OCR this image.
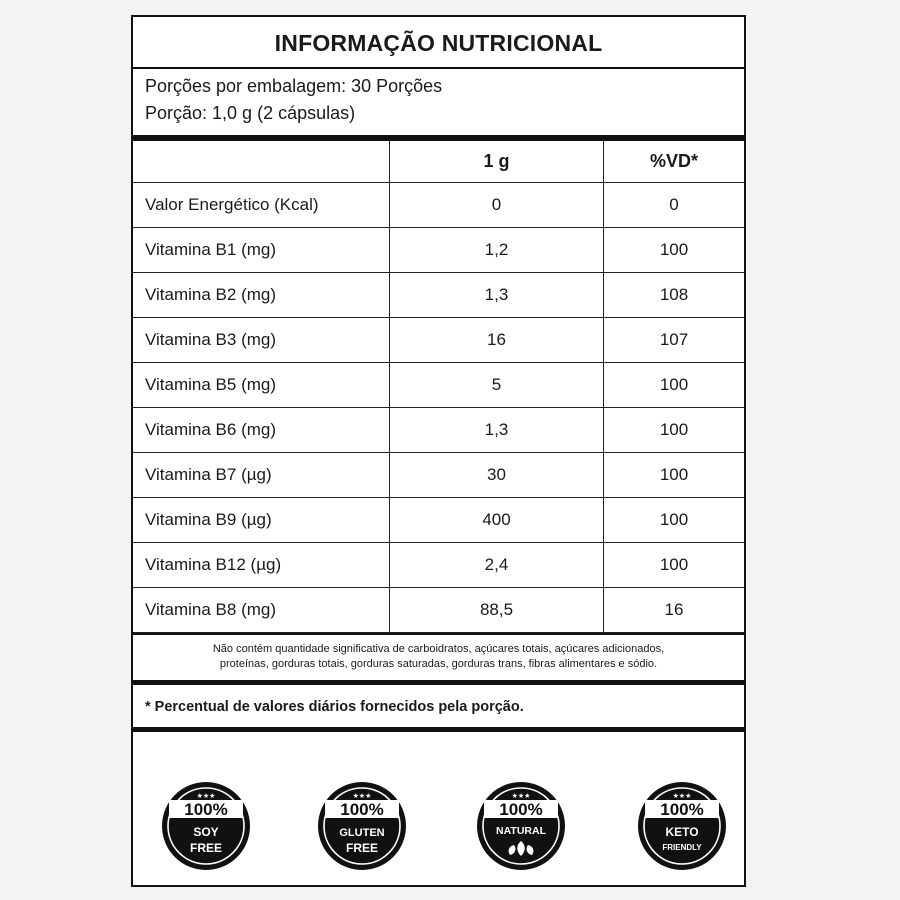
INFORMAÇÃO NUTRICIONAL
Porções por embalagem: 30 Porções
Porção: 1,0 g (2 cápsulas)
	1 g	%VD*
Valor Energético (Kcal)	0	0
Vitamina B1 (mg)	1,2	100
Vitamina B2 (mg)	1,3	108
Vitamina B3 (mg)	16	107
Vitamina B5 (mg)	5	100
Vitamina B6 (mg)	1,3	100
Vitamina B7 (µg)	30	100
Vitamina B9 (µg)	400	100
Vitamina B12 (µg)	2,4	100
Vitamina B8 (mg)	88,5	16
Não contém quantidade significativa de carboidratos, açúcares totais, açúcares adicionados,
proteínas, gorduras totais, gorduras saturadas, gorduras trans, fibras alimentares e sódio.
* Percentual de valores diários fornecidos pela porção.
★★★
100%
SOY
FREE
★★★
100%
GLUTEN
FREE
★★★
100%
NATURAL
★★★
100%
KETO
FRIENDLY
